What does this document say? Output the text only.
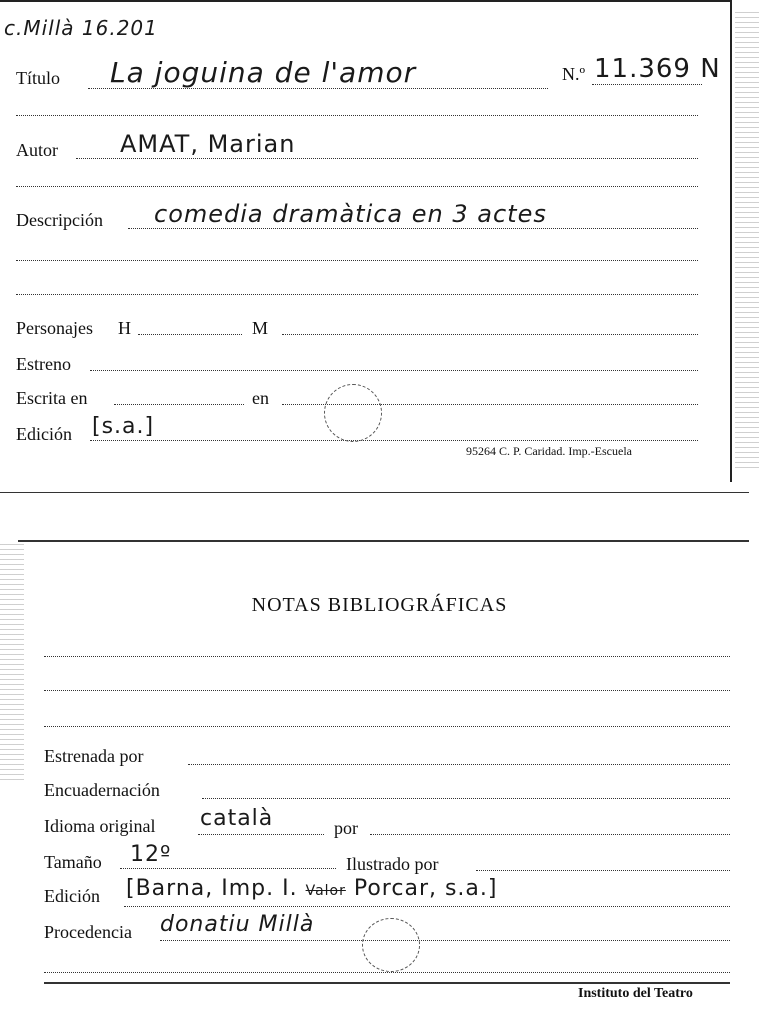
c.Millà 16.201
Título La joguina de l'amor	N.º 11.369 N
Autor	AMAT, Marian
Descripción comedia dramàtica en 3 actes
Personajes H	M
Estreno
Escrita en	en
Edición [s.a.]
95264 C. P. Caridad. Imp.-Escuela
NOTAS BIBLIOGRÁFICAS
Estrenada por
Encuadernación
Idioma original català	por
Tamaño 12º	Ilustrado por
Edición [Barna, Imp. I. Valor Porcar, s.a.]
Procedencia donatiu Millà
Instituto del Teatro
